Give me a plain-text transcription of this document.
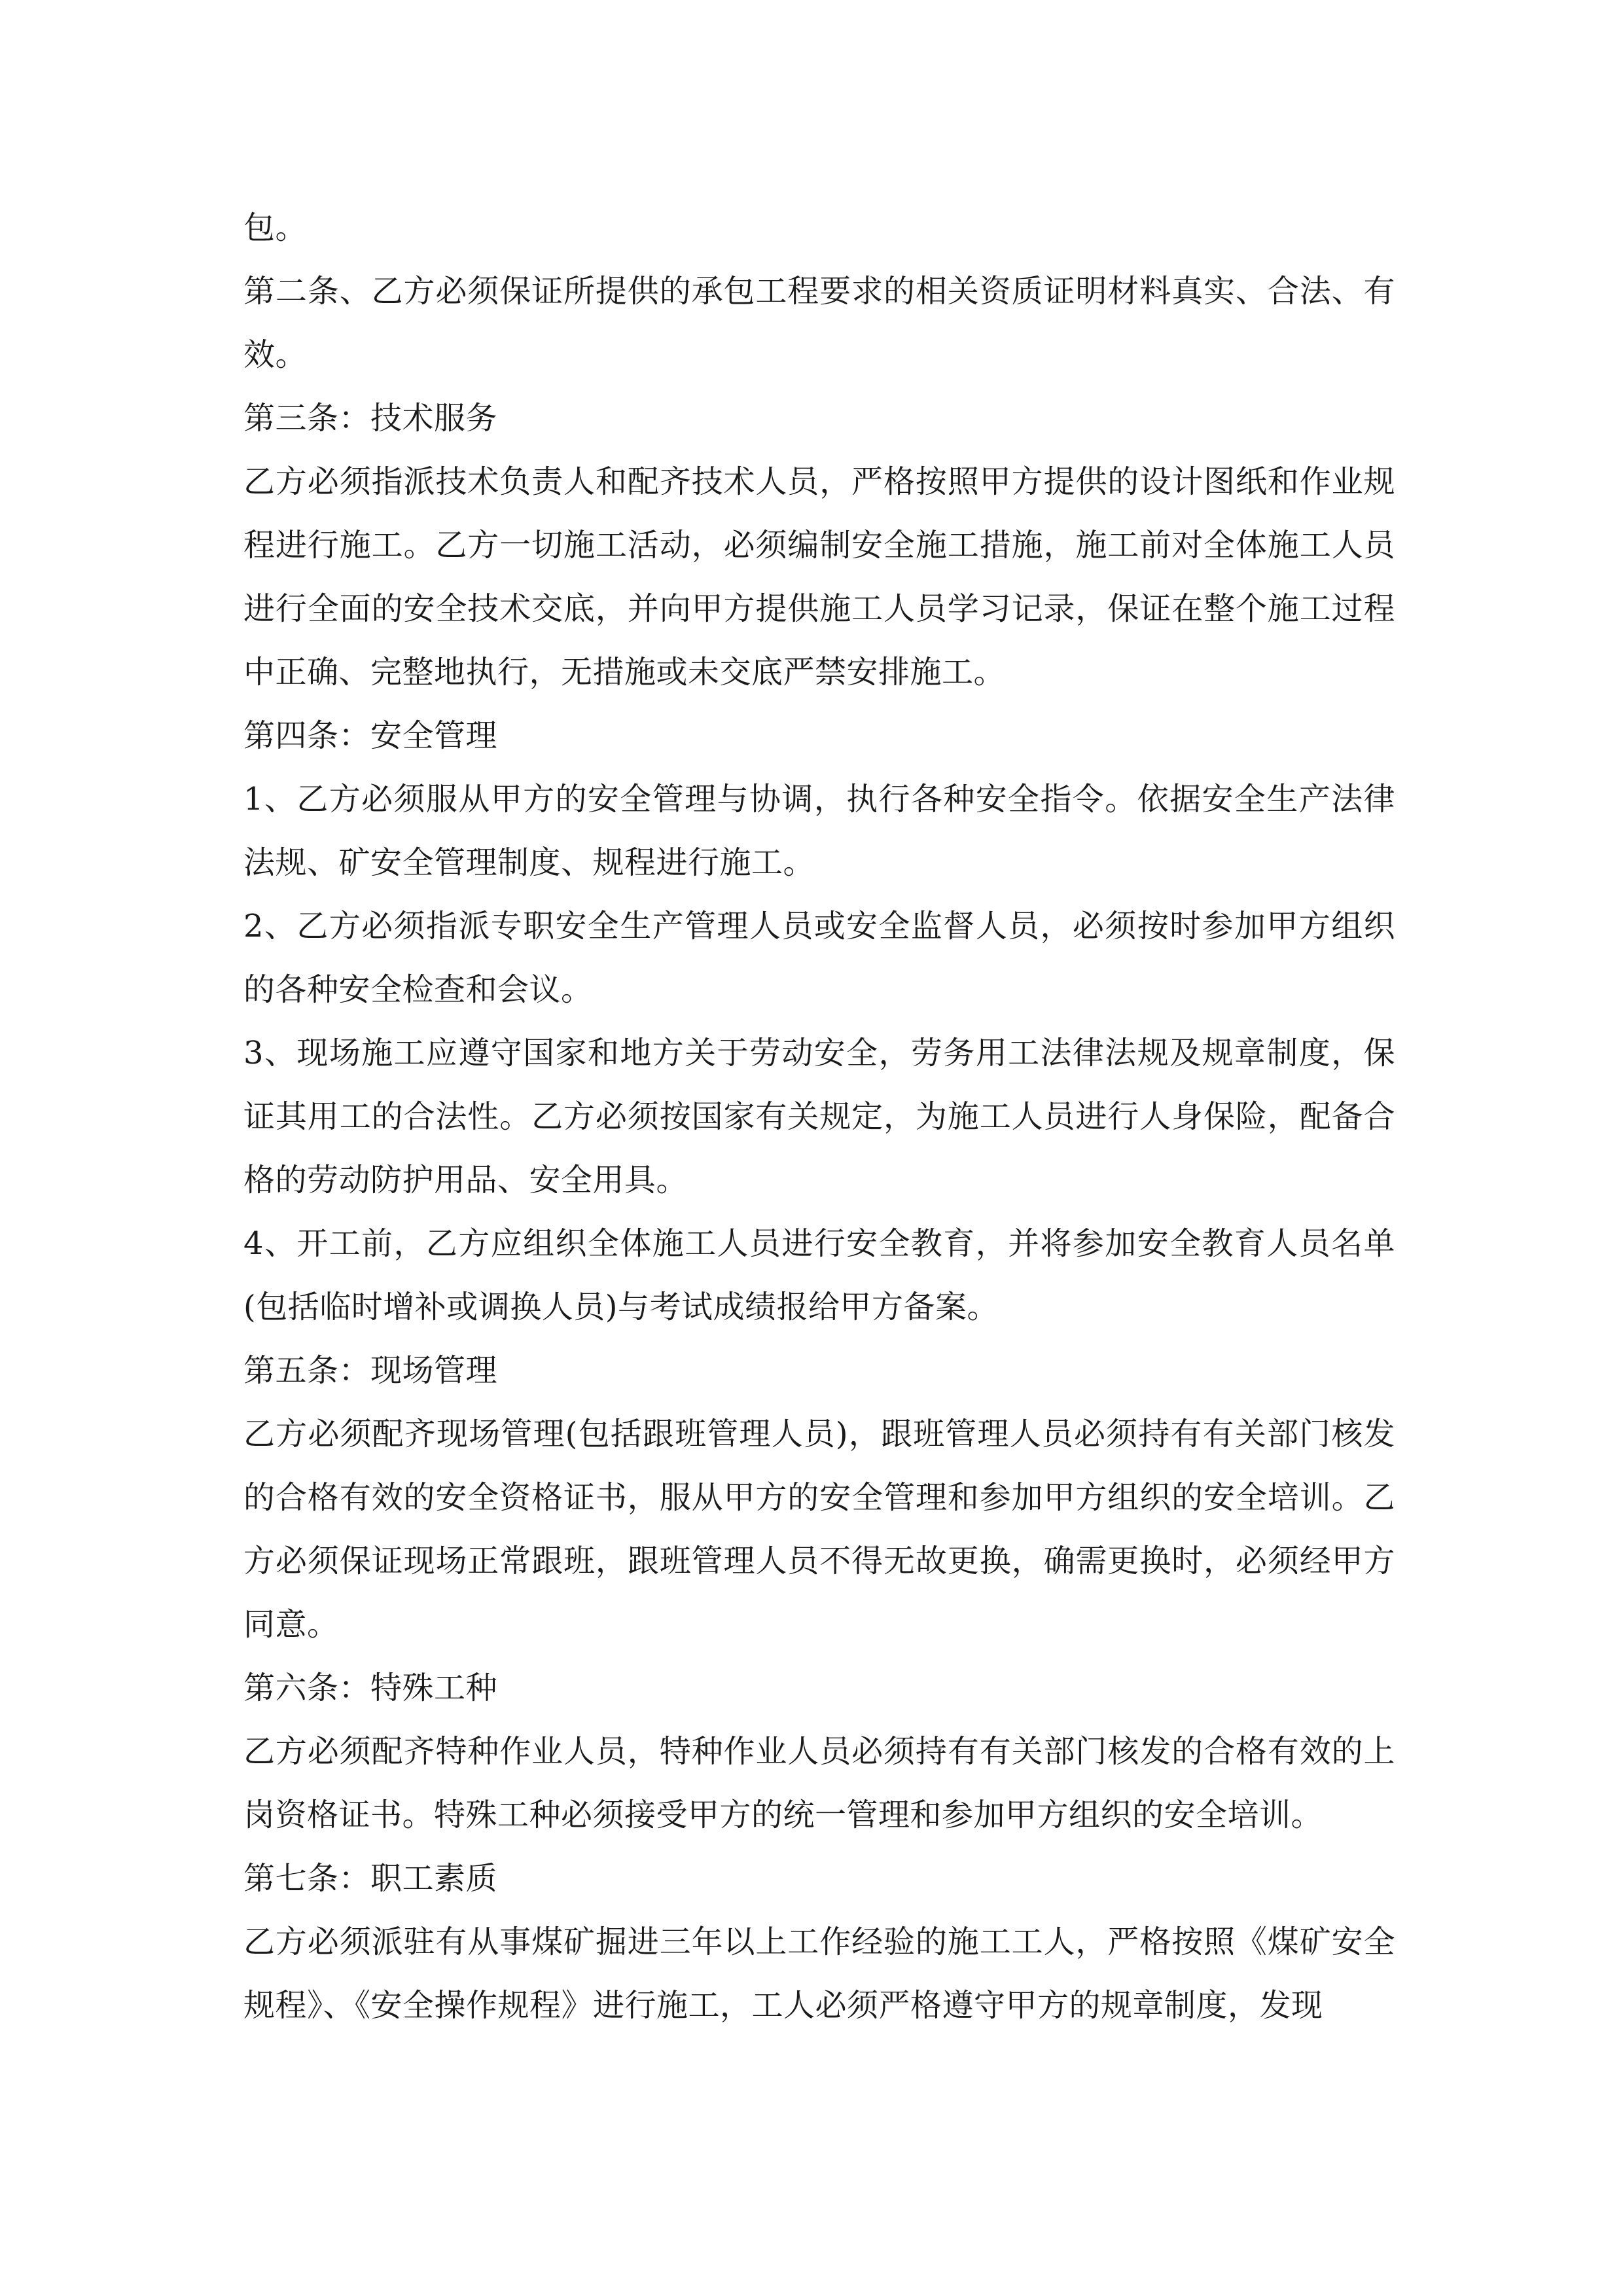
包。

第二条、乙方必须保证所提供的承包工程要求的相关资质证明材料真实、合法、有效。

第三条：技术服务

乙方必须指派技术负责人和配齐技术人员，严格按照甲方提供的设计图纸和作业规程进行施工。乙方一切施工活动，必须编制安全施工措施，施工前对全体施工人员进行全面的安全技术交底，并向甲方提供施工人员学习记录，保证在整个施工过程中正确、完整地执行，无措施或未交底严禁安排施工。

第四条：安全管理

1、乙方必须服从甲方的安全管理与协调，执行各种安全指令。依据安全生产法律法规、矿安全管理制度、规程进行施工。

2、乙方必须指派专职安全生产管理人员或安全监督人员，必须按时参加甲方组织的各种安全检查和会议。

3、现场施工应遵守国家和地方关于劳动安全，劳务用工法律法规及规章制度，保证其用工的合法性。乙方必须按国家有关规定，为施工人员进行人身保险，配备合格的劳动防护用品、安全用具。

4、开工前，乙方应组织全体施工人员进行安全教育，并将参加安全教育人员名单(包括临时增补或调换人员)与考试成绩报给甲方备案。

第五条：现场管理

乙方必须配齐现场管理(包括跟班管理人员)，跟班管理人员必须持有有关部门核发的合格有效的安全资格证书，服从甲方的安全管理和参加甲方组织的安全培训。乙方必须保证现场正常跟班，跟班管理人员不得无故更换，确需更换时，必须经甲方同意。

第六条：特殊工种

乙方必须配齐特种作业人员，特种作业人员必须持有有关部门核发的合格有效的上岗资格证书。特殊工种必须接受甲方的统一管理和参加甲方组织的安全培训。

第七条：职工素质

乙方必须派驻有从事煤矿掘进三年以上工作经验的施工工人，严格按照《煤矿安全规程》、《安全操作规程》进行施工，工人必须严格遵守甲方的规章制度，发现
